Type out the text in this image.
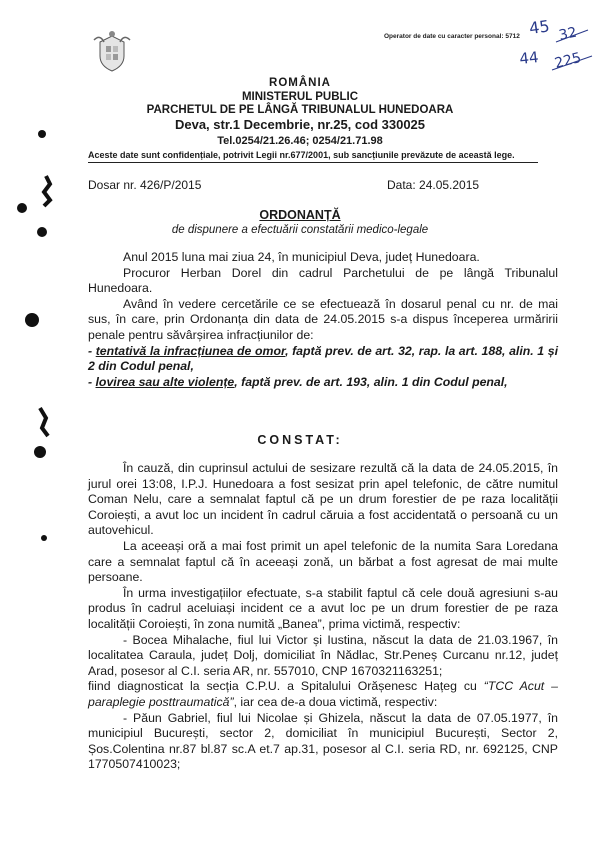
Operator de date cu caracter personal: 5712 45 32
44 225
ROMÂNIA
MINISTERUL PUBLIC
PARCHETUL DE PE LÂNGĂ TRIBUNALUL HUNEDOARA
Deva, str.1 Decembrie, nr.25, cod 330025
Tel.0254/21.26.46; 0254/21.71.98
Aceste date sunt confidențiale, potrivit Legii nr.677/2001, sub sancțiunile prevăzute de această lege.
Dosar nr. 426/P/2015	Data: 24.05.2015
ORDONANȚĂ
de dispunere a efectuării constatării medico-legale

Anul 2015 luna mai ziua 24, în municipiul Deva, județ Hunedoara.

Procuror Herban Dorel din cadrul Parchetului de pe lângă Tribunalul Hunedoara.

Având în vedere cercetările ce se efectuează în dosarul penal cu nr. de mai sus, în care, prin Ordonanța din data de 24.05.2015 s-a dispus începerea urmăririi penale pentru săvârșirea infracțiunilor de:

- tentativă la infracțiunea de omor, faptă prev. de art. 32, rap. la art. 188, alin. 1 și 2 din Codul penal,

- lovirea sau alte violențe, faptă prev. de art. 193, alin. 1 din Codul penal,

CONSTAT:

În cauză, din cuprinsul actului de sesizare rezultă că la data de 24.05.2015, în jurul orei 13:08, I.P.J. Hunedoara a fost sesizat prin apel telefonic, de către numitul Coman Nelu, care a semnalat faptul că pe un drum forestier de pe raza localității Coroiești, a avut loc un incident în cadrul căruia a fost accidentată o persoană cu un autovehicul.

La aceeași oră a mai fost primit un apel telefonic de la numita Sara Loredana care a semnalat faptul că în aceeași zonă, un bărbat a fost agresat de mai multe persoane.

În urma investigațiilor efectuate, s-a stabilit faptul că cele două agresiuni s-au produs în cadrul aceluiași incident ce a avut loc pe un drum forestier de pe raza localității Coroiești, în zona numită „Banea”, prima victimă, respectiv:

- Bocea Mihalache, fiul lui Victor și Iustina, născut la data de 21.03.1967, în localitatea Caraula, județ Dolj, domiciliat în Nădlac, Str.Peneș Curcanu nr.12, județ Arad, posesor al C.I. seria AR, nr. 557010, CNP 1670321163251;

fiind diagnosticat la secția C.P.U. a Spitalului Orășenesc Hațeg cu “TCC Acut – paraplegie posttraumatică”, iar cea de-a doua victimă, respectiv:

- Păun Gabriel, fiul lui Nicolae și Ghizela, născut la data de 07.05.1977, în municipiul București, sector 2, domiciliat în municipiul București, Sector 2, Șos.Colentina nr.87 bl.87 sc.A et.7 ap.31, posesor al C.I. seria RD, nr. 692125, CNP 1770507410023;
